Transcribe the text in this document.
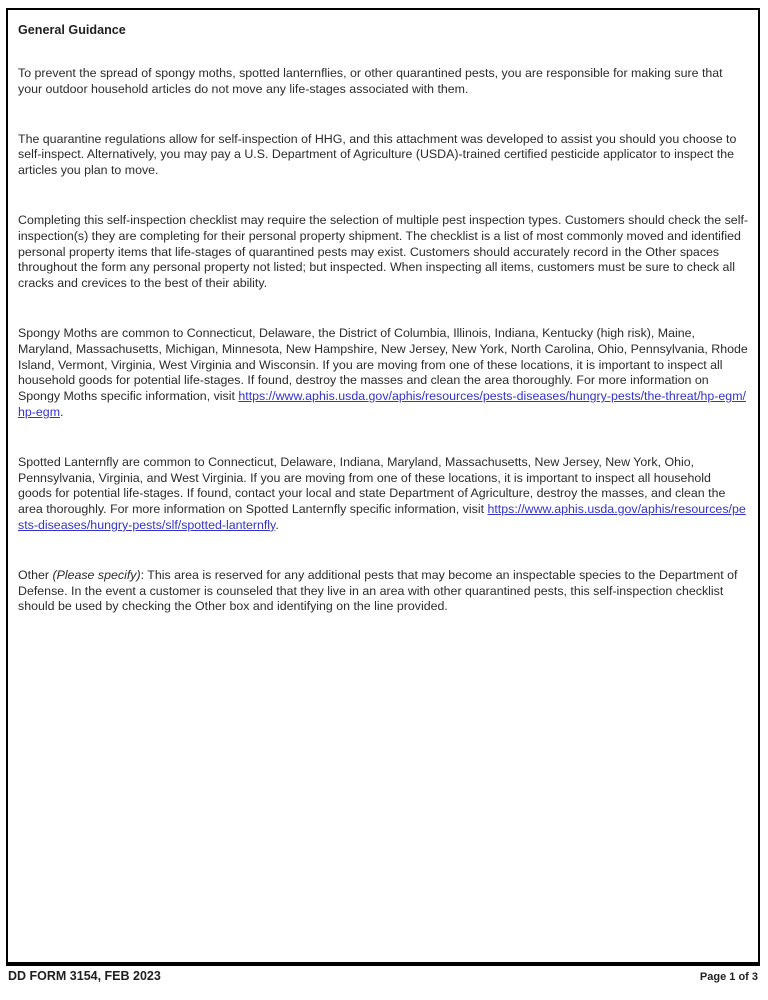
General Guidance

To prevent the spread of spongy moths, spotted lanternflies, or other quarantined pests, you are responsible for making sure that your outdoor household articles do not move any life-stages associated with them.

The quarantine regulations allow for self-inspection of HHG, and this attachment was developed to assist you should you choose to self-inspect. Alternatively, you may pay a U.S. Department of Agriculture (USDA)-trained certified pesticide applicator to inspect the articles you plan to move.

Completing this self-inspection checklist may require the selection of multiple pest inspection types. Customers should check the self-inspection(s) they are completing for their personal property shipment. The checklist is a list of most commonly moved and identified personal property items that life-stages of quarantined pests may exist. Customers should accurately record in the Other spaces throughout the form any personal property not listed; but inspected. When inspecting all items, customers must be sure to check all cracks and crevices to the best of their ability.

Spongy Moths are common to Connecticut, Delaware, the District of Columbia, Illinois, Indiana, Kentucky (high risk), Maine, Maryland, Massachusetts, Michigan, Minnesota, New Hampshire, New Jersey, New York, North Carolina, Ohio, Pennsylvania, Rhode Island, Vermont, Virginia, West Virginia and Wisconsin. If you are moving from one of these locations, it is important to inspect all household goods for potential life-stages. If found, destroy the masses and clean the area thoroughly. For more information on Spongy Moths specific information, visit https://www.aphis.usda.gov/aphis/resources/pests-diseases/hungry-pests/the-threat/hp-egm/hp-egm.

Spotted Lanternfly are common to Connecticut, Delaware, Indiana, Maryland, Massachusetts, New Jersey, New York, Ohio, Pennsylvania, Virginia, and West Virginia. If you are moving from one of these locations, it is important to inspect all household goods for potential life-stages. If found, contact your local and state Department of Agriculture, destroy the masses, and clean the area thoroughly. For more information on Spotted Lanternfly specific information, visit https://www.aphis.usda.gov/aphis/resources/pests-diseases/hungry-pests/slf/spotted-lanternfly.

Other (Please specify): This area is reserved for any additional pests that may become an inspectable species to the Department of Defense. In the event a customer is counseled that they live in an area with other quarantined pests, this self-inspection checklist should be used by checking the Other box and identifying on the line provided.

DD FORM 3154, FEB 2023	Page 1 of 3
